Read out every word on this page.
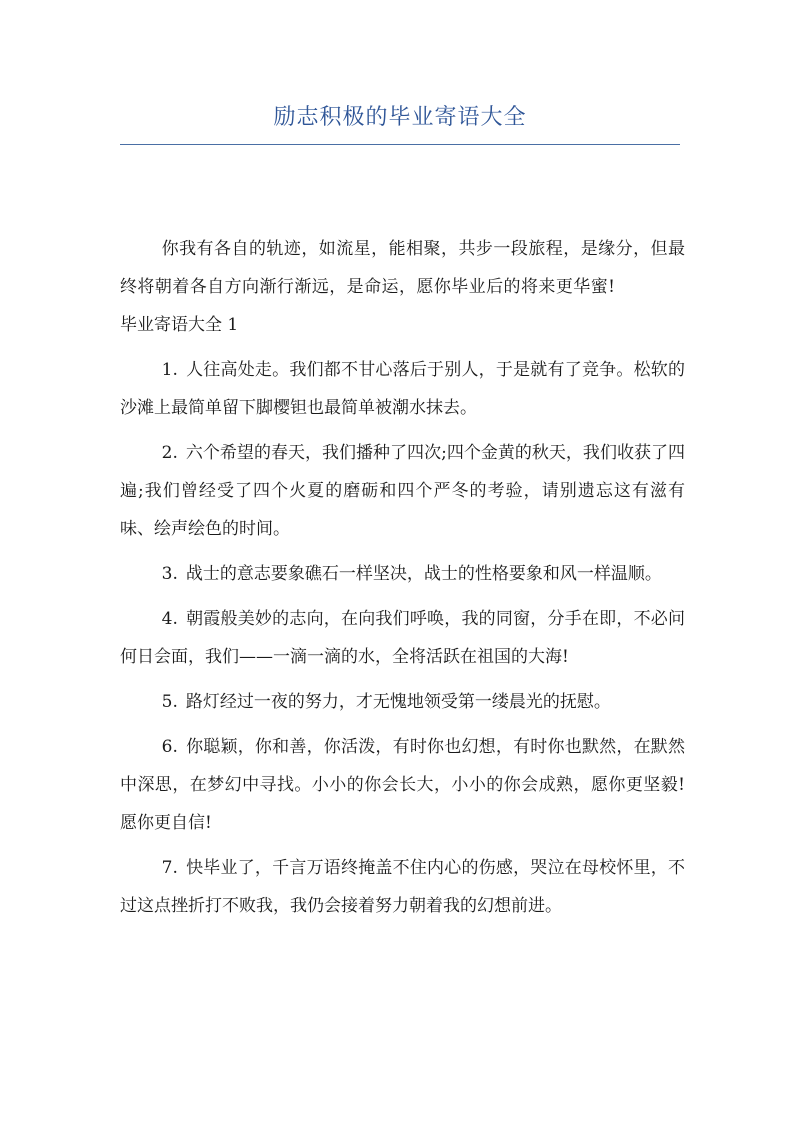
励志积极的毕业寄语大全

你我有各自的轨迹，如流星，能相聚，共步一段旅程，是缘分，但最终将朝着各自方向渐行渐远，是命运，愿你毕业后的将来更华蜜!毕业寄语大全 1

1. 人往高处走。我们都不甘心落后于别人，于是就有了竞争。松软的沙滩上最简单留下脚樱钽也最简单被潮水抹去。

2. 六个希望的春天，我们播种了四次;四个金黄的秋天，我们收获了四遍;我们曾经受了四个火夏的磨砺和四个严冬的考验，请别遗忘这有滋有味、绘声绘色的时间。

3. 战士的意志要象礁石一样坚决，战士的性格要象和风一样温顺。

4. 朝霞般美妙的志向，在向我们呼唤，我的同窗，分手在即，不必问何日会面，我们——一滴一滴的水，全将活跃在祖国的大海!

5. 路灯经过一夜的努力，才无愧地领受第一缕晨光的抚慰。

6. 你聪颖，你和善，你活泼，有时你也幻想，有时你也默然，在默然中深思，在梦幻中寻找。小小的你会长大，小小的你会成熟，愿你更坚毅!愿你更自信!

7. 快毕业了，千言万语终掩盖不住内心的伤感，哭泣在母校怀里，不过这点挫折打不败我，我仍会接着努力朝着我的幻想前进。
